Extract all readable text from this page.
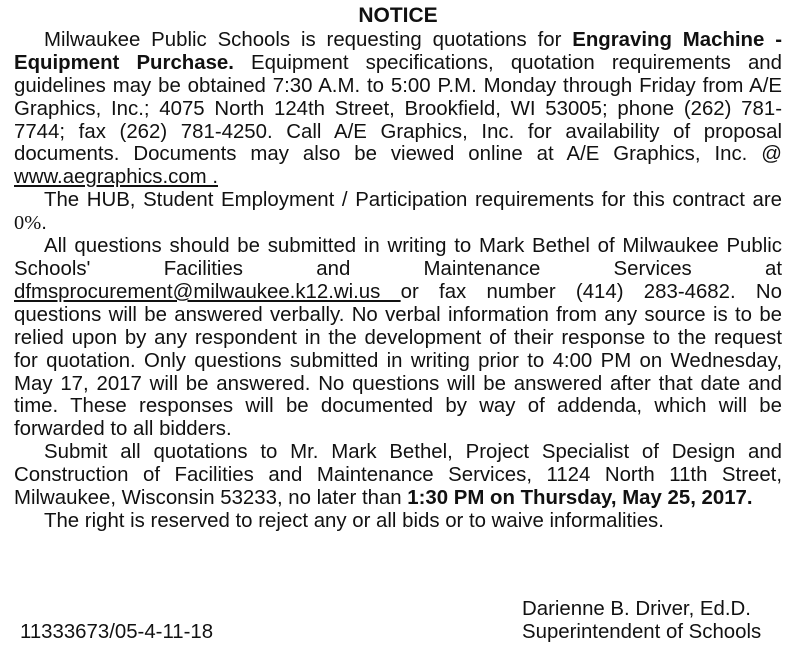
NOTICE

Milwaukee Public Schools is requesting quotations for Engraving Machine - Equipment Purchase. Equipment specifications, quotation requirements and guidelines may be obtained 7:30 A.M. to 5:00 P.M. Monday through Friday from A/E Graphics, Inc.; 4075 North 124th Street, Brookfield, WI 53005; phone (262) 781-7744; fax (262) 781-4250. Call A/E Graphics, Inc. for availability of proposal documents. Documents may also be viewed online at A/E Graphics, Inc. @ www.aegraphics.com .

The HUB, Student Employment / Participation requirements for this contract are 0%.

All questions should be submitted in writing to Mark Bethel of Milwaukee Public Schools' Facilities and Maintenance Services at dfmsprocurement@milwaukee.k12.wi.us or fax number (414) 283-4682. No questions will be answered verbally. No verbal information from any source is to be relied upon by any respondent in the development of their response to the request for quotation. Only questions submitted in writing prior to 4:00 PM on Wednesday, May 17, 2017 will be answered. No questions will be answered after that date and time. These responses will be documented by way of addenda, which will be forwarded to all bidders.

Submit all quotations to Mr. Mark Bethel, Project Specialist of Design and Construction of Facilities and Maintenance Services, 1124 North 11th Street, Milwaukee, Wisconsin 53233, no later than 1:30 PM on Thursday, May 25, 2017.

The right is reserved to reject any or all bids or to waive informalities.

Darienne B. Driver, Ed.D.
11333673/05-4-11-18	Superintendent of Schools
